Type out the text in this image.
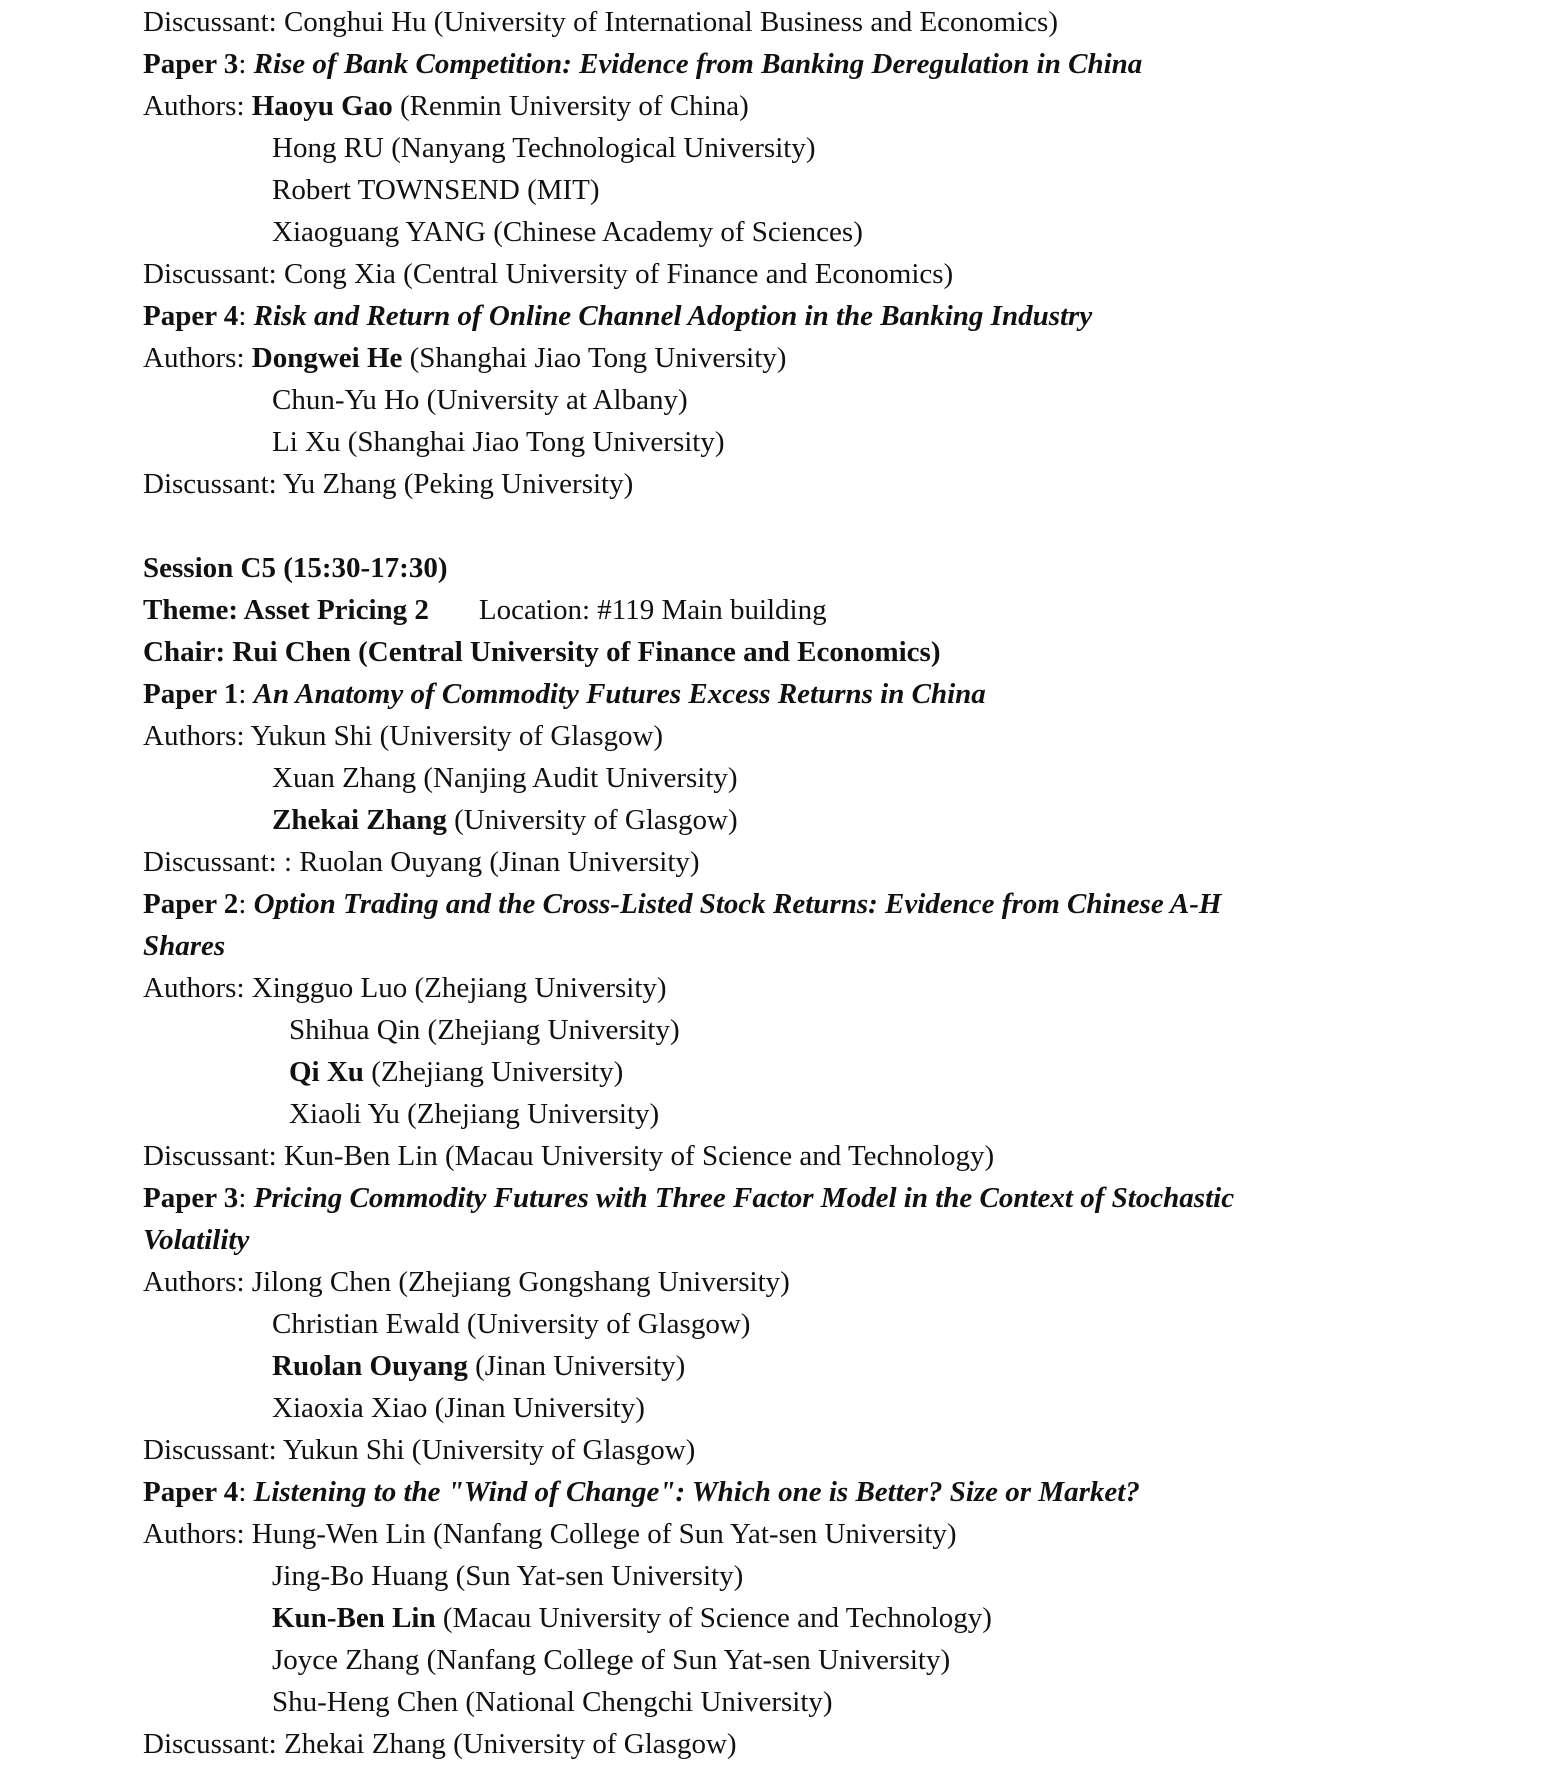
Discussant: Conghui Hu (University of International Business and Economics)
Paper 3: Rise of Bank Competition: Evidence from Banking Deregulation in China
Authors: Haoyu Gao (Renmin University of China)
Hong RU (Nanyang Technological University)
Robert TOWNSEND (MIT)
Xiaoguang YANG (Chinese Academy of Sciences)
Discussant: Cong Xia (Central University of Finance and Economics)
Paper 4: Risk and Return of Online Channel Adoption in the Banking Industry
Authors: Dongwei He (Shanghai Jiao Tong University)
Chun-Yu Ho (University at Albany)
Li Xu (Shanghai Jiao Tong University)
Discussant: Yu Zhang (Peking University)
Session C5 (15:30-17:30)
Theme: Asset Pricing 2 Location: #119 Main building
Chair: Rui Chen (Central University of Finance and Economics)
Paper 1: An Anatomy of Commodity Futures Excess Returns in China
Authors: Yukun Shi (University of Glasgow)
Xuan Zhang (Nanjing Audit University)
Zhekai Zhang (University of Glasgow)
Discussant: : Ruolan Ouyang (Jinan University)
Paper 2: Option Trading and the Cross-Listed Stock Returns: Evidence from Chinese A-H
Shares
Authors: Xingguo Luo (Zhejiang University)
Shihua Qin (Zhejiang University)
Qi Xu (Zhejiang University)
Xiaoli Yu (Zhejiang University)
Discussant: Kun-Ben Lin (Macau University of Science and Technology)
Paper 3: Pricing Commodity Futures with Three Factor Model in the Context of Stochastic
Volatility
Authors: Jilong Chen (Zhejiang Gongshang University)
Christian Ewald (University of Glasgow)
Ruolan Ouyang (Jinan University)
Xiaoxia Xiao (Jinan University)
Discussant: Yukun Shi (University of Glasgow)
Paper 4: Listening to the "Wind of Change": Which one is Better? Size or Market?
Authors: Hung-Wen Lin (Nanfang College of Sun Yat-sen University)
Jing-Bo Huang (Sun Yat-sen University)
Kun-Ben Lin (Macau University of Science and Technology)
Joyce Zhang (Nanfang College of Sun Yat-sen University)
Shu-Heng Chen (National Chengchi University)
Discussant: Zhekai Zhang (University of Glasgow)
